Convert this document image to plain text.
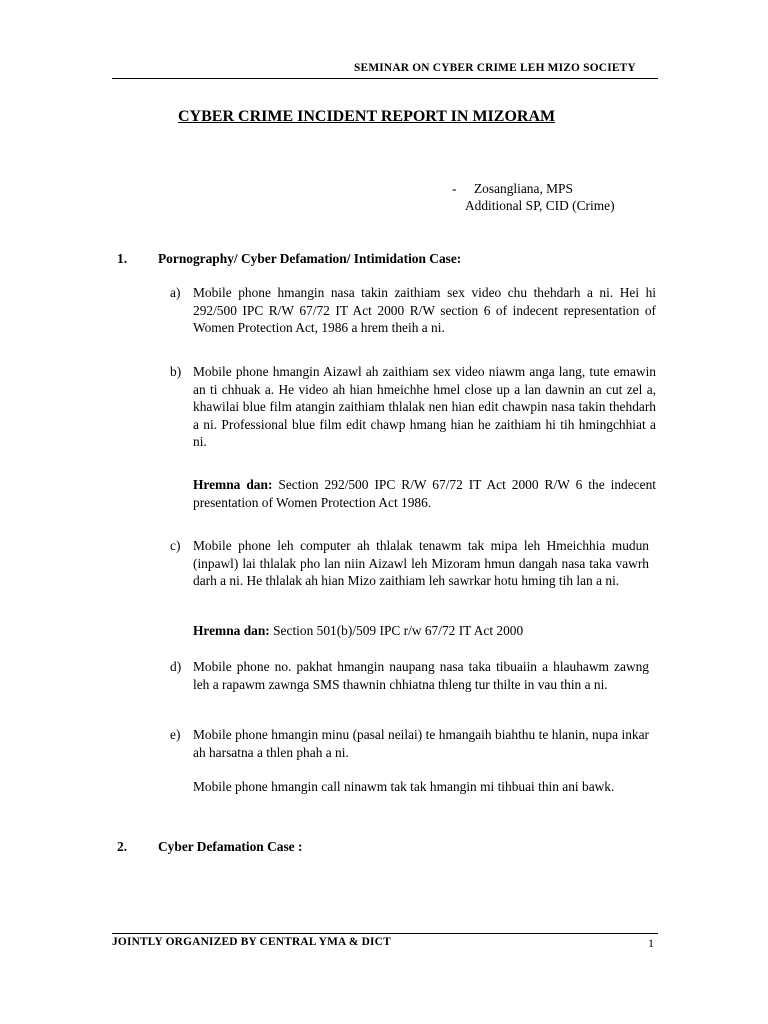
SEMINAR ON CYBER CRIME LEH MIZO SOCIETY
CYBER CRIME INCIDENT REPORT IN MIZORAM
- Zosangliana, MPS
Additional SP, CID (Crime)
1. Pornography/ Cyber Defamation/ Intimidation Case:
a) Mobile phone hmangin nasa takin zaithiam sex video chu thehdarh a ni. Hei hi 292/500 IPC R/W 67/72 IT Act 2000 R/W section 6 of indecent representation of Women Protection Act, 1986 a hrem theih a ni.
b) Mobile phone hmangin Aizawl ah zaithiam sex video niawm anga lang, tute emawin an ti chhuak a. He video ah hian hmeichhe hmel close up a lan dawnin an cut zel a, khawilai blue film atangin zaithiam thlalak nen hian edit chawpin nasa takin thehdarh a ni. Professional blue film edit chawp hmang hian he zaithiam hi tih hmingchhiat a ni.
Hremna dan: Section 292/500 IPC R/W 67/72 IT Act 2000 R/W 6 the indecent presentation of Women Protection Act 1986.
c) Mobile phone leh computer ah thlalak tenawm tak mipa leh Hmeichhia mudun (inpawl) lai thlalak pho lan niin Aizawl leh Mizoram hmun dangah nasa taka vawrh darh a ni. He thlalak ah hian Mizo zaithiam leh sawrkar hotu hming tih lan a ni.
Hremna dan: Section 501(b)/509 IPC r/w 67/72 IT Act 2000
d) Mobile phone no. pakhat hmangin naupang nasa taka tibuaiin a hlauhawm zawng leh a rapawm zawnga SMS thawnin chhiatna thleng tur thilte in vau thin a ni.
e) Mobile phone hmangin minu (pasal neilai) te hmangaih biahthu te hlanin, nupa inkar ah harsatna a thlen phah a ni.
Mobile phone hmangin call ninawm tak tak hmangin mi tihbuai thin ani bawk.
2. Cyber Defamation Case :
JOINTLY ORGANIZED BY CENTRAL YMA & DICT	1
